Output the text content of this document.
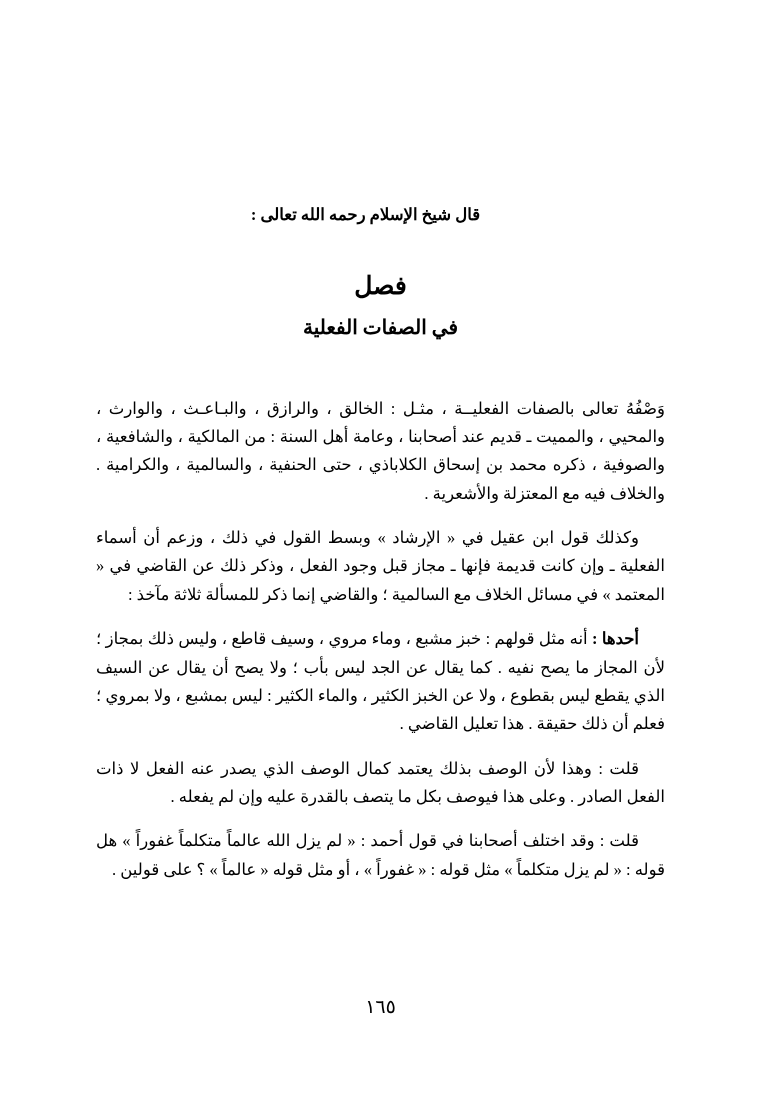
قال شيخ الإسلام رحمه الله تعالى :
فصل
في الصفات الفعلية

وَصْفُهُ تعالى بالصفات الفعليــة ، مثـل : الخالق ، والرازق ، والبـاعـث ، والوارث ، والمحيي ، والمميت ـ قديم عند أصحابنا ، وعامة أهل السنة : من المالكية ، والشافعية ، والصوفية ، ذكره محمد بن إسحاق الكلاباذي ، حتى الحنفية ، والسالمية ، والكرامية . والخلاف فيه مع المعتزلة والأشعرية .

وكذلك قول ابن عقيل في « الإرشاد » وبسط القول في ذلك ، وزعم أن أسماء الفعلية ـ وإن كانت قديمة فإنها ـ مجاز قبل وجود الفعل ، وذكر ذلك عن القاضي في « المعتمد » في مسائل الخلاف مع السالمية ؛ والقاضي إنما ذكر للمسألة ثلاثة مآخذ :

أحدها : أنه مثل قولهم : خبز مشبع ، وماء مروي ، وسيف قاطع ، وليس ذلك بمجاز ؛ لأن المجاز ما يصح نفيه . كما يقال عن الجد ليس بأب ؛ ولا يصح أن يقال عن السيف الذي يقطع ليس بقطوع ، ولا عن الخبز الكثير ، والماء الكثير : ليس بمشبع ، ولا بمروي ؛ فعلم أن ذلك حقيقة . هذا تعليل القاضي .

قلت : وهذا لأن الوصف بذلك يعتمد كمال الوصف الذي يصدر عنه الفعل لا ذات الفعل الصادر . وعلى هذا فيوصف بكل ما يتصف بالقدرة عليه وإن لم يفعله .

قلت : وقد اختلف أصحابنا في قول أحمد : « لم يزل الله عالماً متكلماً غفوراً » هل قوله : « لم يزل متكلماً » مثل قوله : « غفوراً » ، أو مثل قوله « عالماً » ؟ على قولين .

١٦٥
